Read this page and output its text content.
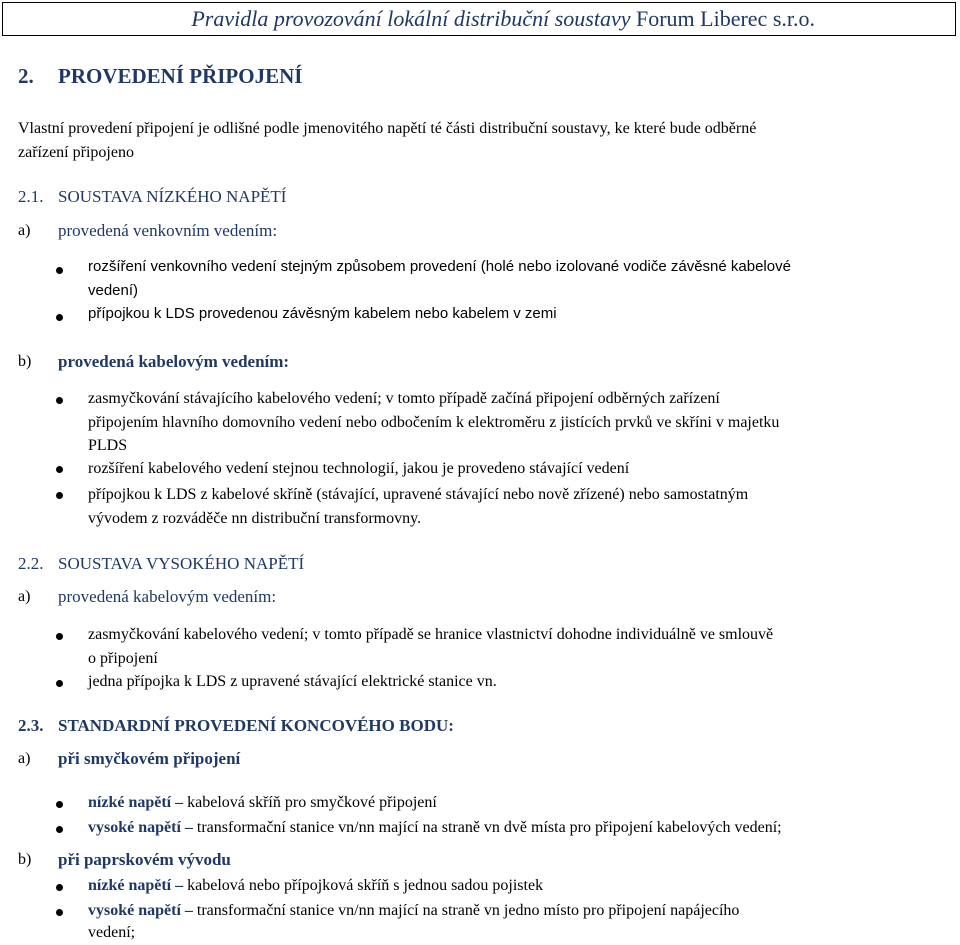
Pravidla provozování lokální distribuční soustavy
Forum Liberec s.r.o.
2. PROVEDENÍ PŘIPOJENÍ
Vlastní provedení připojení je odlišné podle jmenovitého napětí té části distribuční soustavy, ke které bude odběrné
zařízení připojeno
2.1. SOUSTAVA NÍZKÉHO NAPĚTÍ
a) provedená venkovním vedením:
rozšíření venkovního vedení stejným způsobem provedení (holé nebo izolované vodiče závěsné kabelové
vedení)
přípojkou k LDS provedenou závěsným kabelem nebo kabelem v zemi
b) provedená kabelovým vedením:
zasmyčkování stávajícího kabelového vedení; v tomto případě začíná připojení odběrných zařízení
připojením hlavního domovního vedení nebo odbočením k elektroměru z jistících prvků ve skříni v majetku
PLDS
rozšíření kabelového vedení stejnou technologií, jakou je provedeno stávající vedení
přípojkou k LDS z kabelové skříně (stávající, upravené stávající nebo nově zřízené) nebo samostatným
vývodem z rozváděče nn distribuční transformovny.
2.2. SOUSTAVA VYSOKÉHO NAPĚTÍ
a) provedená kabelovým vedením:
zasmyčkování kabelového vedení; v tomto případě se hranice vlastnictví dohodne individuálně ve smlouvě
o připojení
jedna přípojka k LDS z upravené stávající elektrické stanice vn.
2.3. STANDARDNÍ PROVEDENÍ KONCOVÉHO BODU:
a) při smyčkovém připojení
nízké napětí – kabelová skříň pro smyčkové připojení
vysoké napětí – transformační stanice vn/nn mající na straně vn dvě místa pro připojení kabelových vedení;
b) při paprskovém vývodu
nízké napětí – kabelová nebo přípojková skříň s jednou sadou pojistek
vysoké napětí – transformační stanice vn/nn mající na straně vn jedno místo pro připojení napájecího
vedení;
